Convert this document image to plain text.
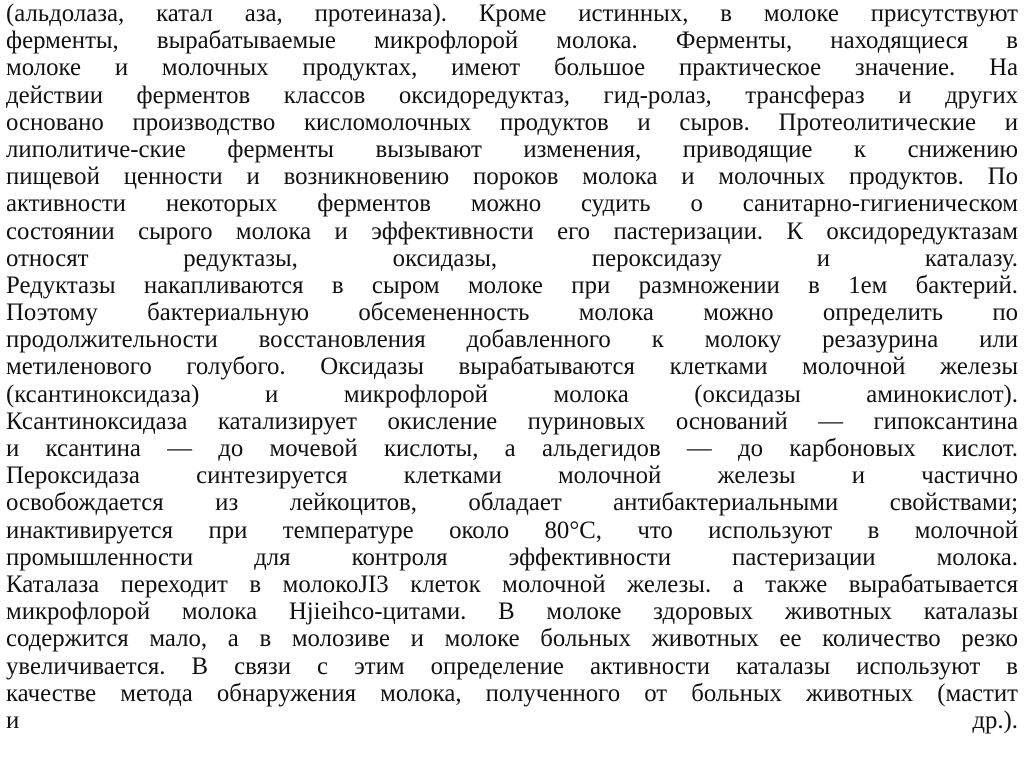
(альдолаза, катал аза, протеиназа). Кроме истинных, в молоке присутствуют
ферменты, вырабатываемые микрофлорой молока. Ферменты, находящиеся в
молоке и молочных продуктах, имеют большое практическое значение. На
действии ферментов классов оксидоредуктаз, гид-ролаз, трансфераз и других
основано производство кисломолочных продуктов и сыров. Протеолитические и
липолитиче-ские ферменты вызывают изменения, приводящие к снижению
пищевой ценности и возникновению пороков молока и молочных продуктов. По
активности некоторых ферментов можно судить о санитарно-гигиеническом
состоянии сырого молока и эффективности его пастеризации. К оксидоредуктазам
относят редуктазы, оксидазы, пероксидазу и каталазу.
Редуктазы накапливаются в сыром молоке при размножении в 1ем бактерий.
Поэтому бактериальную обсемененность молока можно определить по
продолжительности восстановления добавленного к молоку резазурина или
метиленового голубого. Оксидазы вырабатываются клетками молочной железы
(ксантиноксидаза) и микрофлорой молока (оксидазы аминокислот).
Ксантиноксидаза катализирует окисление пуриновых оснований — гипоксантина
и ксантина — до мочевой кислоты, а альдегидов — до карбоновых кислот.
Пероксидаза синтезируется клетками молочной железы и частично
освобождается из лейкоцитов, обладает антибактериальными свойствами;
инактивируется при температуре около 80°С, что используют в молочной
промышленности для контроля эффективности пастеризации молока.
Каталаза переходит в молокоJI3 клеток молочной железы. а также вырабатывается
микрофлорой молока Hjieihco-цитами. В молоке здоровых животных каталазы
содержится мало, а в молозиве и молоке больных животных ее количество резко
увеличивается. В связи с этим определение активности каталазы используют в
качестве метода обнаружения молока, полученного от больных животных (мастит
и др.).
